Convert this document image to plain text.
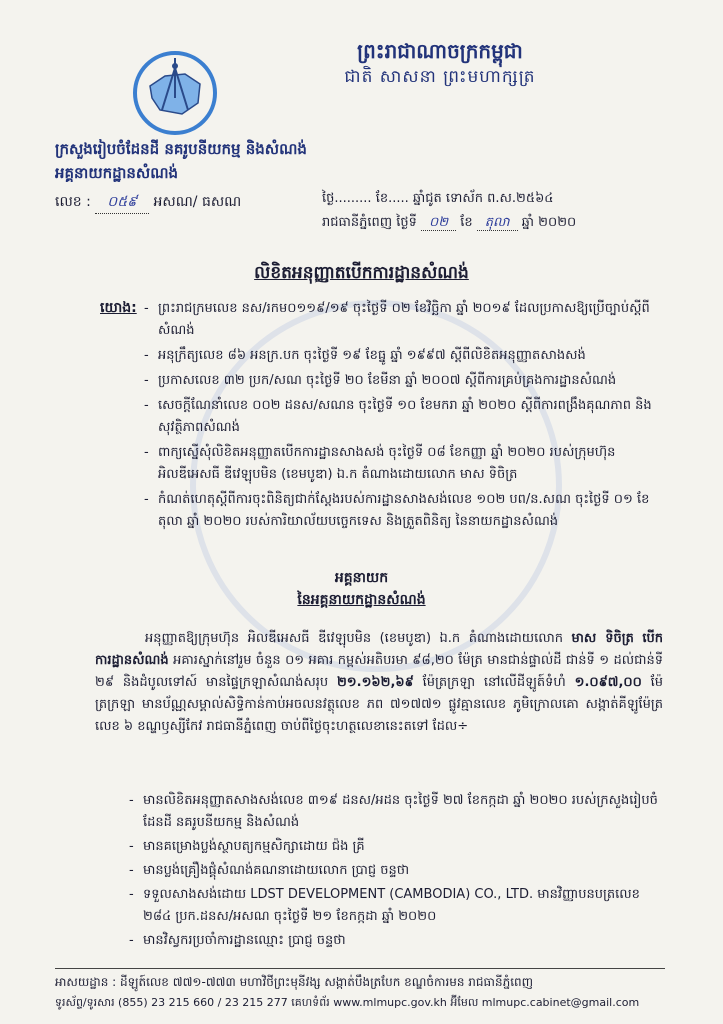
ព្រះរាជាណាចក្រកម្ពុជា
ជាតិ សាសនា ព្រះមហាក្សត្រ
ក្រសួងរៀបចំដែនដី នគរូបនីយកម្ម និងសំណង់
អគ្គនាយកដ្ឋានសំណង់
លេខ : ០៥៩ អសណ/ ធសណ	ថ្ងៃ......... ខែ..... ឆ្នាំជូត ទោស័ក ព.ស.២៥៦៤
រាជធានីភ្នំពេញ ថ្ងៃទី ០២ ខែ តុលា ឆ្នាំ ២០២០
លិខិតអនុញ្ញាតបើកការដ្ឋានសំណង់
យោង:
-	ព្រះរាជក្រមលេខ នស/រកម០១១៩/១៩ ចុះថ្ងៃទី ០២ ខែវិច្ឆិកា ឆ្នាំ ២០១៩ ដែលប្រកាសឱ្យប្រើច្បាប់ស្តីពីសំណង់
- អនុក្រឹត្យលេខ ៨៦ អនក្រ.បក ចុះថ្ងៃទី ១៩ ខែធ្នូ ឆ្នាំ ១៩៩៧ ស្តីពីលិខិតអនុញ្ញាតសាងសង់
- ប្រកាសលេខ ៣២ ប្រក/សណ ចុះថ្ងៃទី ២០ ខែមីនា ឆ្នាំ ២០០៧ ស្តីពីការគ្រប់គ្រងការដ្ឋានសំណង់
- សេចក្តីណែនាំលេខ ០០២ ដនស/សណន ចុះថ្ងៃទី ១០ ខែមករា ឆ្នាំ ២០២០ ស្តីពីការពង្រឹងគុណភាព និងសុវត្ថិភាពសំណង់
- ពាក្យស្នើសុំលិខិតអនុញ្ញាតបើកការដ្ឋានសាងសង់ ចុះថ្ងៃទី ០៨ ខែកញ្ញា ឆ្នាំ ២០២០ របស់ក្រុមហ៊ុន អិលឌីអេសធី ឌីវេឡុបមិន (ខេមបូឌា) ឯ.ក តំណាងដោយលោក មាស ទិចិត្រ
- កំណត់ហេតុស្តីពីការចុះពិនិត្យជាក់ស្តែងរបស់ការដ្ឋានសាងសង់លេខ ១០២ បព/ន.សណ ចុះថ្ងៃទី ០១ ខែតុលា ឆ្នាំ ២០២០ របស់ការិយាល័យបច្ចេកទេស និងត្រួតពិនិត្យ នៃនាយកដ្ឋានសំណង់
អគ្គនាយក
នៃអគ្គនាយកដ្ឋានសំណង់
អនុញ្ញាតឱ្យក្រុមហ៊ុន អិលឌីអេសធី ឌីវេឡុបមិន (ខេមបូឌា) ឯ.ក តំណាងដោយលោក មាស ទិចិត្រ បើកការដ្ឋានសំណង់ អគារស្នាក់នៅរួម ចំនួន ០១ អគារ កម្ពស់អតិបរមា ៩៨,២០ ម៉ែត្រ មានជាន់ផ្ទាល់ដី ជាន់ទី ១ ដល់ជាន់ទី ២៩ និងដំបូលទៅស៍ មានផ្ទៃក្រឡាសំណង់សរុប ២១.១៦២,៦៩ ម៉ែត្រក្រឡា នៅលើដីឡូត៍ទំហំ ១.០៩៧,០០ ម៉ែត្រក្រឡា មានប័ណ្ណសម្គាល់សិទ្ធិកាន់កាប់អចលនវត្ថុលេខ ភព ៧១៧៧១ ផ្លូវគ្មានលេខ ភូមិក្រោលគោ សង្កាត់គីឡូម៉ែត្រលេខ ៦ ខណ្ឌឫស្សីកែវ រាជធានីភ្នំពេញ ចាប់ពីថ្ងៃចុះហត្ថលេខានេះតទៅ ដែល÷
- មានលិខិតអនុញ្ញាតសាងសង់លេខ ៣១៩ ដនស/អដន ចុះថ្ងៃទី ២៧ ខែកក្កដា ឆ្នាំ ២០២០ របស់ក្រសួងរៀបចំដែនដី នគរូបនីយកម្ម និងសំណង់
- មានគម្រោងប្លង់ស្ថាបត្យកម្មសិក្សាដោយ ជ៉ង គ្រី
- មានប្លង់គ្រឿងផ្គុំសំណង់គណនាដោយលោក ប្រាជ្ញ ចន្ទថា
- ទទួលសាងសង់ដោយ LDST DEVELOPMENT (CAMBODIA) CO., LTD. មានវិញ្ញាបនបត្រលេខ ២៨៤ ប្រក.ដនស/អសណ ចុះថ្ងៃទី ២១ ខែកក្កដា ឆ្នាំ ២០២០
- មានវិស្វករប្រចាំការដ្ឋានឈ្មោះ ប្រាជ្ញ ចន្ទថា
អាសយដ្ឋាន : ដីឡូត៍លេខ ៧៧១-៧៧៣ មហាវិថីព្រះមុនីវង្ស សង្កាត់បឹងត្របែក ខណ្ឌចំការមន រាជធានីភ្នំពេញ
ទូរស័ព្ទ/ទូរសារ (855) 23 215 660 / 23 215 277 គេហទំព័រ www.mlmupc.gov.kh អ៊ីមែល mlmupc.cabinet@gmail.com
